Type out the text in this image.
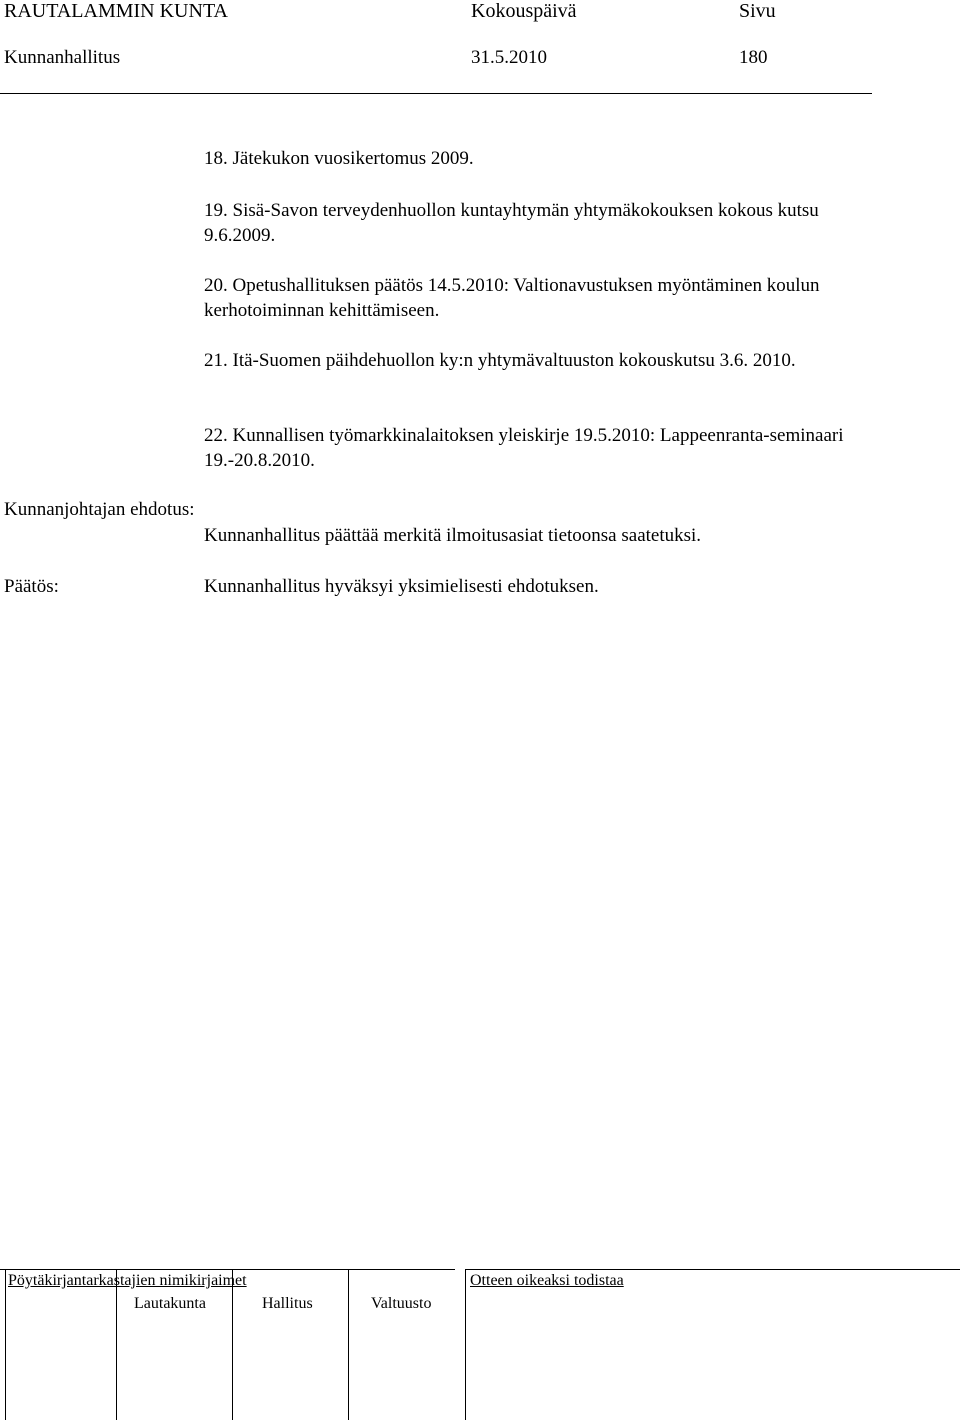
RAUTALAMMIN KUNTA	Kokouspäivä	Sivu
Kunnanhallitus	31.5.2010	180
18. Jätekukon vuosikertomus 2009.
19. Sisä-Savon terveydenhuollon kuntayhtymän yhtymäkokouksen kokous kutsu 9.6.2009.
20. Opetushallituksen päätös 14.5.2010: Valtionavustuksen myöntäminen koulun kerhotoiminnan kehittämiseen.
21. Itä-Suomen päihdehuollon ky:n yhtymävaltuuston kokouskutsu 3.6. 2010.
22. Kunnallisen työmarkkinalaitoksen yleiskirje 19.5.2010: Lappeenranta-seminaari 19.-20.8.2010.
Kunnanjohtajan ehdotus:
Kunnanhallitus päättää merkitä ilmoitusasiat tietoonsa saatetuksi.
Päätös:	Kunnanhallitus hyväksyi yksimielisesti ehdotuksen.
Pöytäkirjantarkastajien nimikirjaimet	Otteen oikeaksi todistaa
Lautakunta	Hallitus	Valtuusto
